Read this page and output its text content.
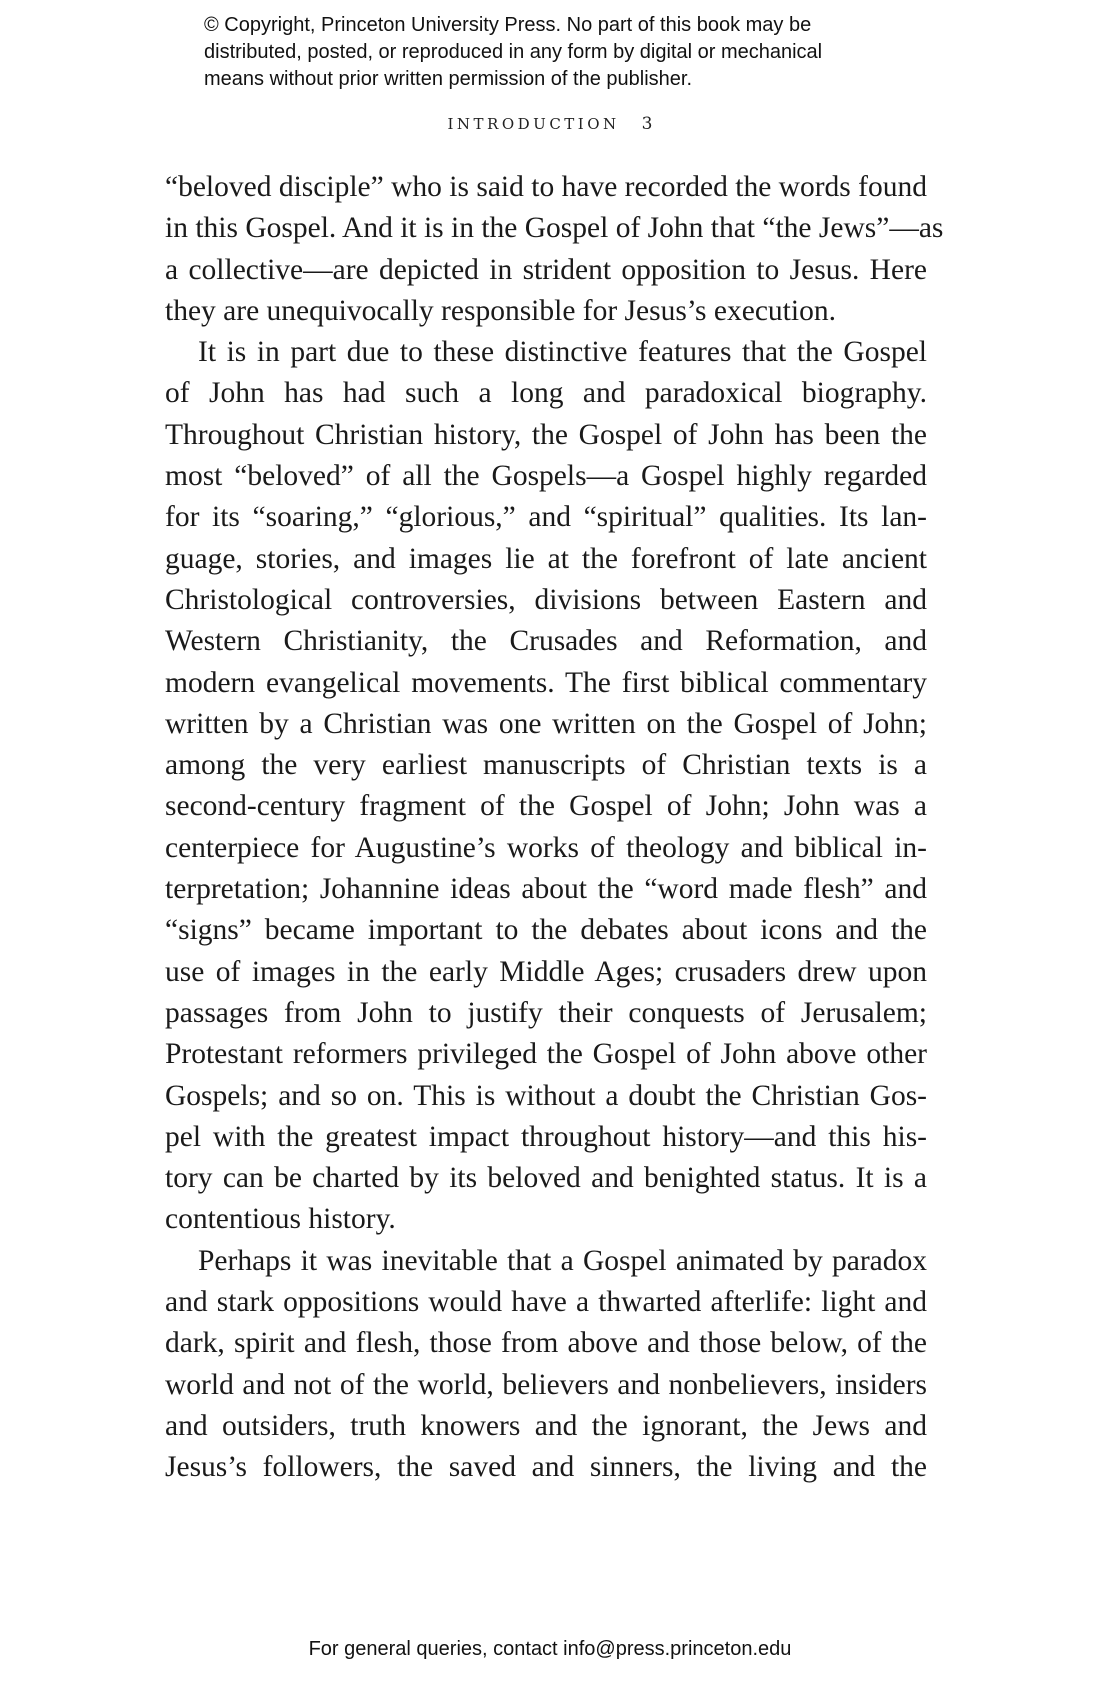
© Copyright, Princeton University Press. No part of this book may be
distributed, posted, or reproduced in any form by digital or mechanical
means without prior written permission of the publisher.
INTRODUCTION 3
“beloved disciple” who is said to have recorded the words found
in this Gospel. And it is in the Gospel of John that “the Jews”—as
a collective—are depicted in strident opposition to Jesus. Here
they are unequivocally responsible for Jesus’s execution.
It is in part due to these distinctive features that the Gospel
of John has had such a long and paradoxical biography.
Throughout Christian history, the Gospel of John has been the
most “beloved” of all the Gospels—a Gospel highly regarded
for its “soaring,” “glorious,” and “spiritual” qualities. Its lan-
guage, stories, and images lie at the forefront of late ancient
Christological controversies, divisions between Eastern and
Western Christianity, the Crusades and Reformation, and
modern evangelical movements. The first biblical commentary
written by a Christian was one written on the Gospel of John;
among the very earliest manuscripts of Christian texts is a
second-century fragment of the Gospel of John; John was a
centerpiece for Augustine’s works of theology and biblical in-
terpretation; Johannine ideas about the “word made flesh” and
“signs” became important to the debates about icons and the
use of images in the early Middle Ages; crusaders drew upon
passages from John to justify their conquests of Jerusalem;
Protestant reformers privileged the Gospel of John above other
Gospels; and so on. This is without a doubt the Christian Gos-
pel with the greatest impact throughout history—and this his-
tory can be charted by its beloved and benighted status. It is a
contentious history.
Perhaps it was inevitable that a Gospel animated by paradox
and stark oppositions would have a thwarted afterlife: light and
dark, spirit and flesh, those from above and those below, of the
world and not of the world, believers and nonbelievers, insiders
and outsiders, truth knowers and the ignorant, the Jews and
Jesus’s followers, the saved and sinners, the living and the
For general queries, contact info@press.princeton.edu
